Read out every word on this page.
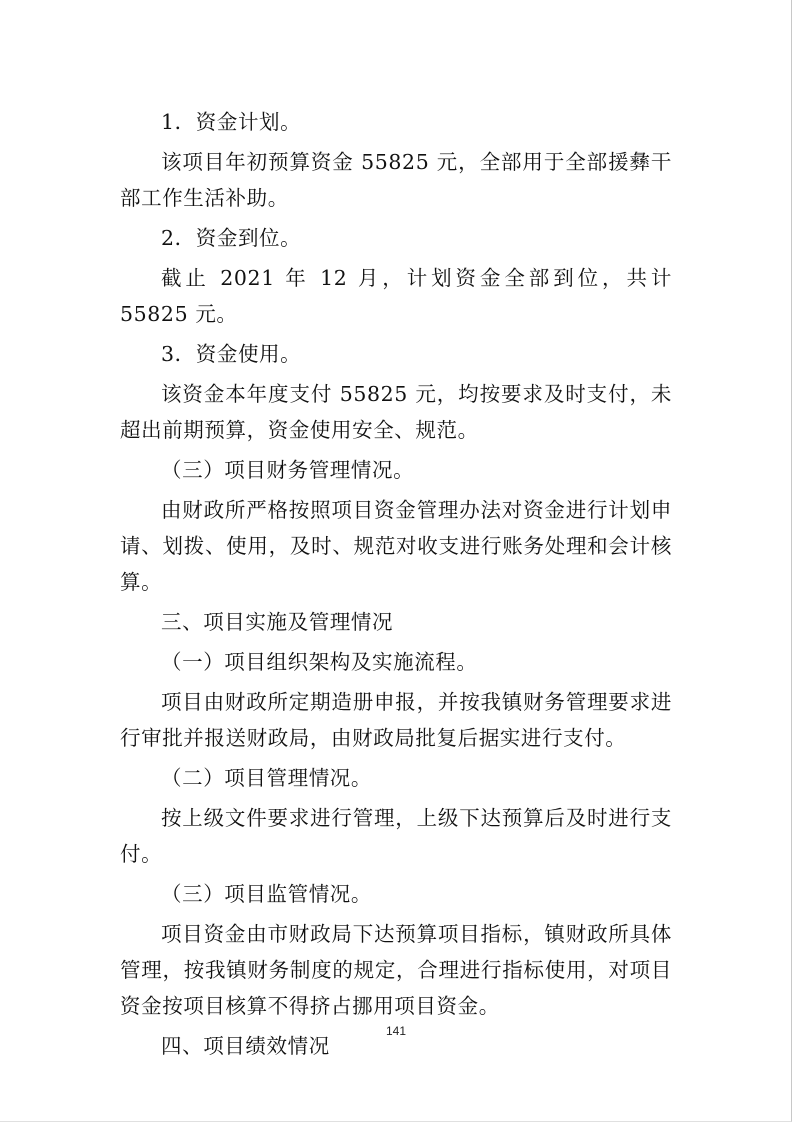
1．资金计划。

该项目年初预算资金 55825 元，全部用于全部援彝干部工作生活补助。

2．资金到位。

截止 2021 年 12 月，计划资金全部到位，共计 55825 元。

3．资金使用。

该资金本年度支付 55825 元，均按要求及时支付，未超出前期预算，资金使用安全、规范。

（三）项目财务管理情况。

由财政所严格按照项目资金管理办法对资金进行计划申请、划拨、使用，及时、规范对收支进行账务处理和会计核算。

三、项目实施及管理情况

（一）项目组织架构及实施流程。

项目由财政所定期造册申报，并按我镇财务管理要求进行审批并报送财政局，由财政局批复后据实进行支付。

（二）项目管理情况。

按上级文件要求进行管理，上级下达预算后及时进行支付。

（三）项目监管情况。

项目资金由市财政局下达预算项目指标，镇财政所具体管理，按我镇财务制度的规定，合理进行指标使用，对项目资金按项目核算不得挤占挪用项目资金。

四、项目绩效情况

141
